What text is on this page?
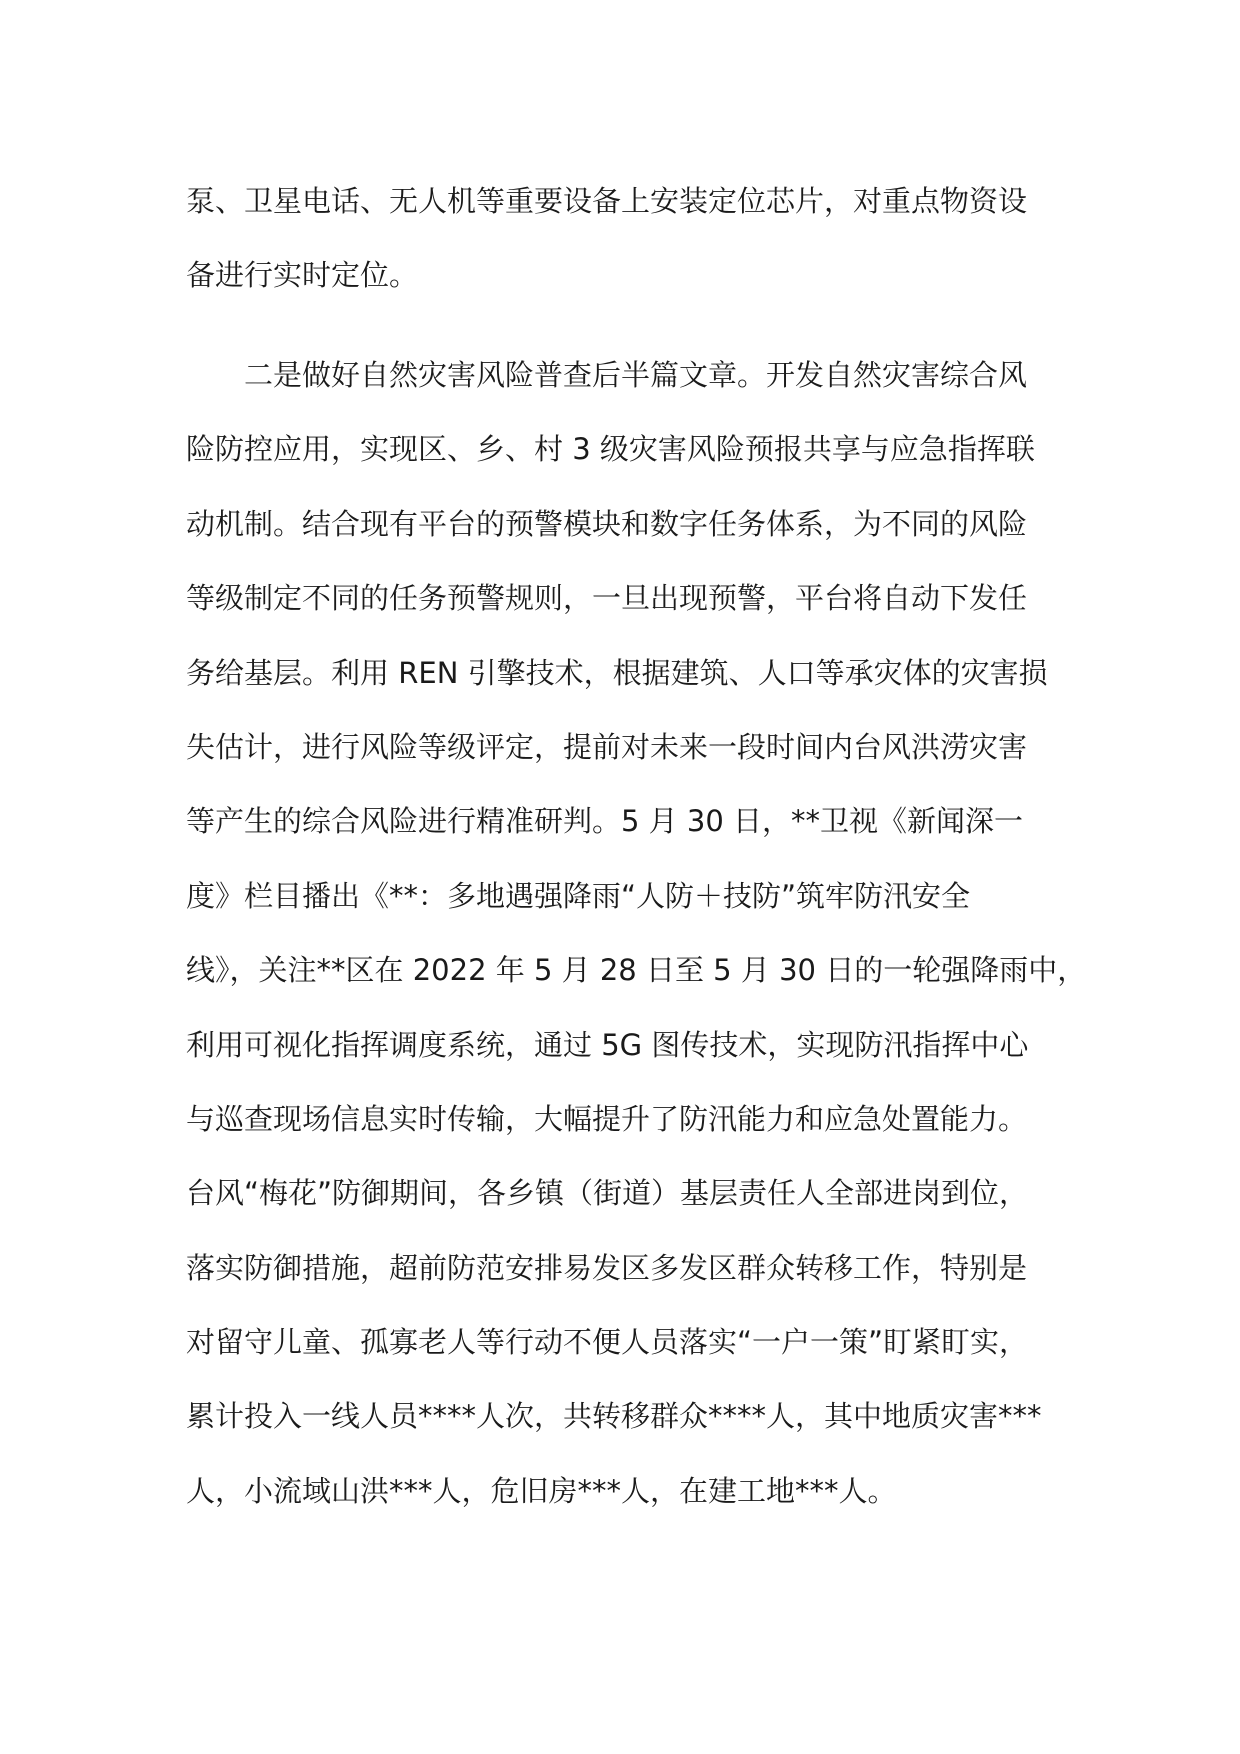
泵、卫星电话、无人机等重要设备上安装定位芯片，对重点物资设
备进行实时定位。
二是做好自然灾害风险普查后半篇文章。开发自然灾害综合风
险防控应用，实现区、乡、村 3 级灾害风险预报共享与应急指挥联
动机制。结合现有平台的预警模块和数字任务体系，为不同的风险
等级制定不同的任务预警规则，一旦出现预警，平台将自动下发任
务给基层。利用 REN 引擎技术，根据建筑、人口等承灾体的灾害损
失估计，进行风险等级评定，提前对未来一段时间内台风洪涝灾害
等产生的综合风险进行精准研判。5 月 30 日，**卫视《新闻深一
度》栏目播出《**：多地遇强降雨“人防＋技防”筑牢防汛安全
线》，关注**区在 2022 年 5 月 28 日至 5 月 30 日的一轮强降雨中，
利用可视化指挥调度系统，通过 5G 图传技术，实现防汛指挥中心
与巡查现场信息实时传输，大幅提升了防汛能力和应急处置能力。
台风“梅花”防御期间，各乡镇（街道）基层责任人全部进岗到位，
落实防御措施，超前防范安排易发区多发区群众转移工作，特别是
对留守儿童、孤寡老人等行动不便人员落实“一户一策”盯紧盯实，
累计投入一线人员****人次，共转移群众****人，其中地质灾害***
人，小流域山洪***人，危旧房***人，在建工地***人。
